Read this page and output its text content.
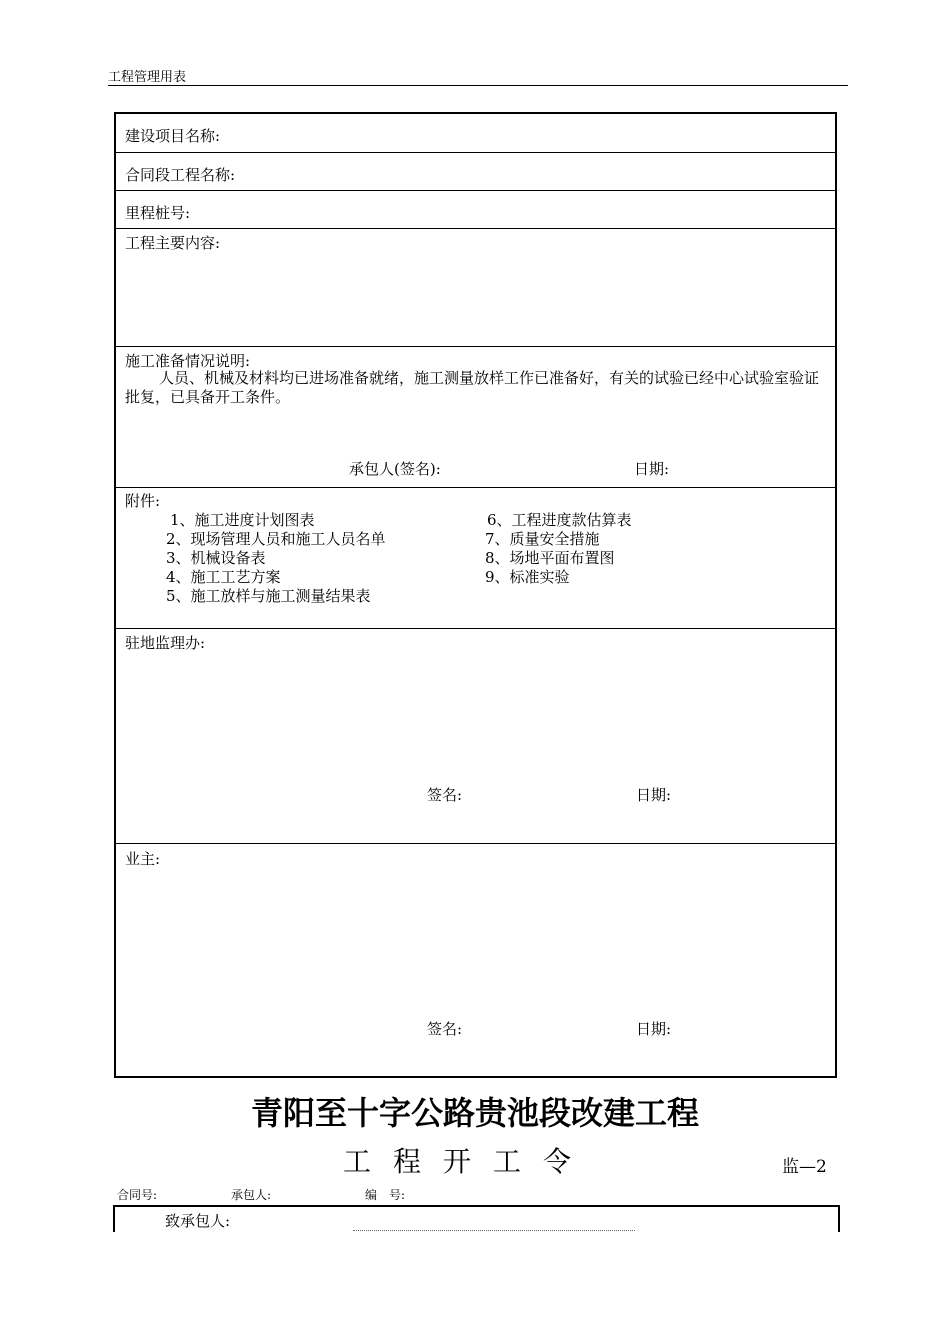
工程管理用表
建设项目名称:
合同段工程名称:
里程桩号:
工程主要内容:
施工准备情况说明:
人员、机械及材料均已进场准备就绪，施工测量放样工作已准备好，有关的试验已经中心试验室验证批复，已具备开工条件。
承包人(签名):	日期:
附件:
1、施工进度计划图表
2、现场管理人员和施工人员名单
3、机械设备表
4、施工工艺方案
5、施工放样与施工测量结果表
6、工程进度款估算表
7、质量安全措施
8、场地平面布置图
9、标准实验
驻地监理办:
签名:	日期:
业主:
签名:	日期:
青阳至十字公路贵池段改建工程
工程开工令	监—2
合同号:	承包人:	编　号:
致承包人:
